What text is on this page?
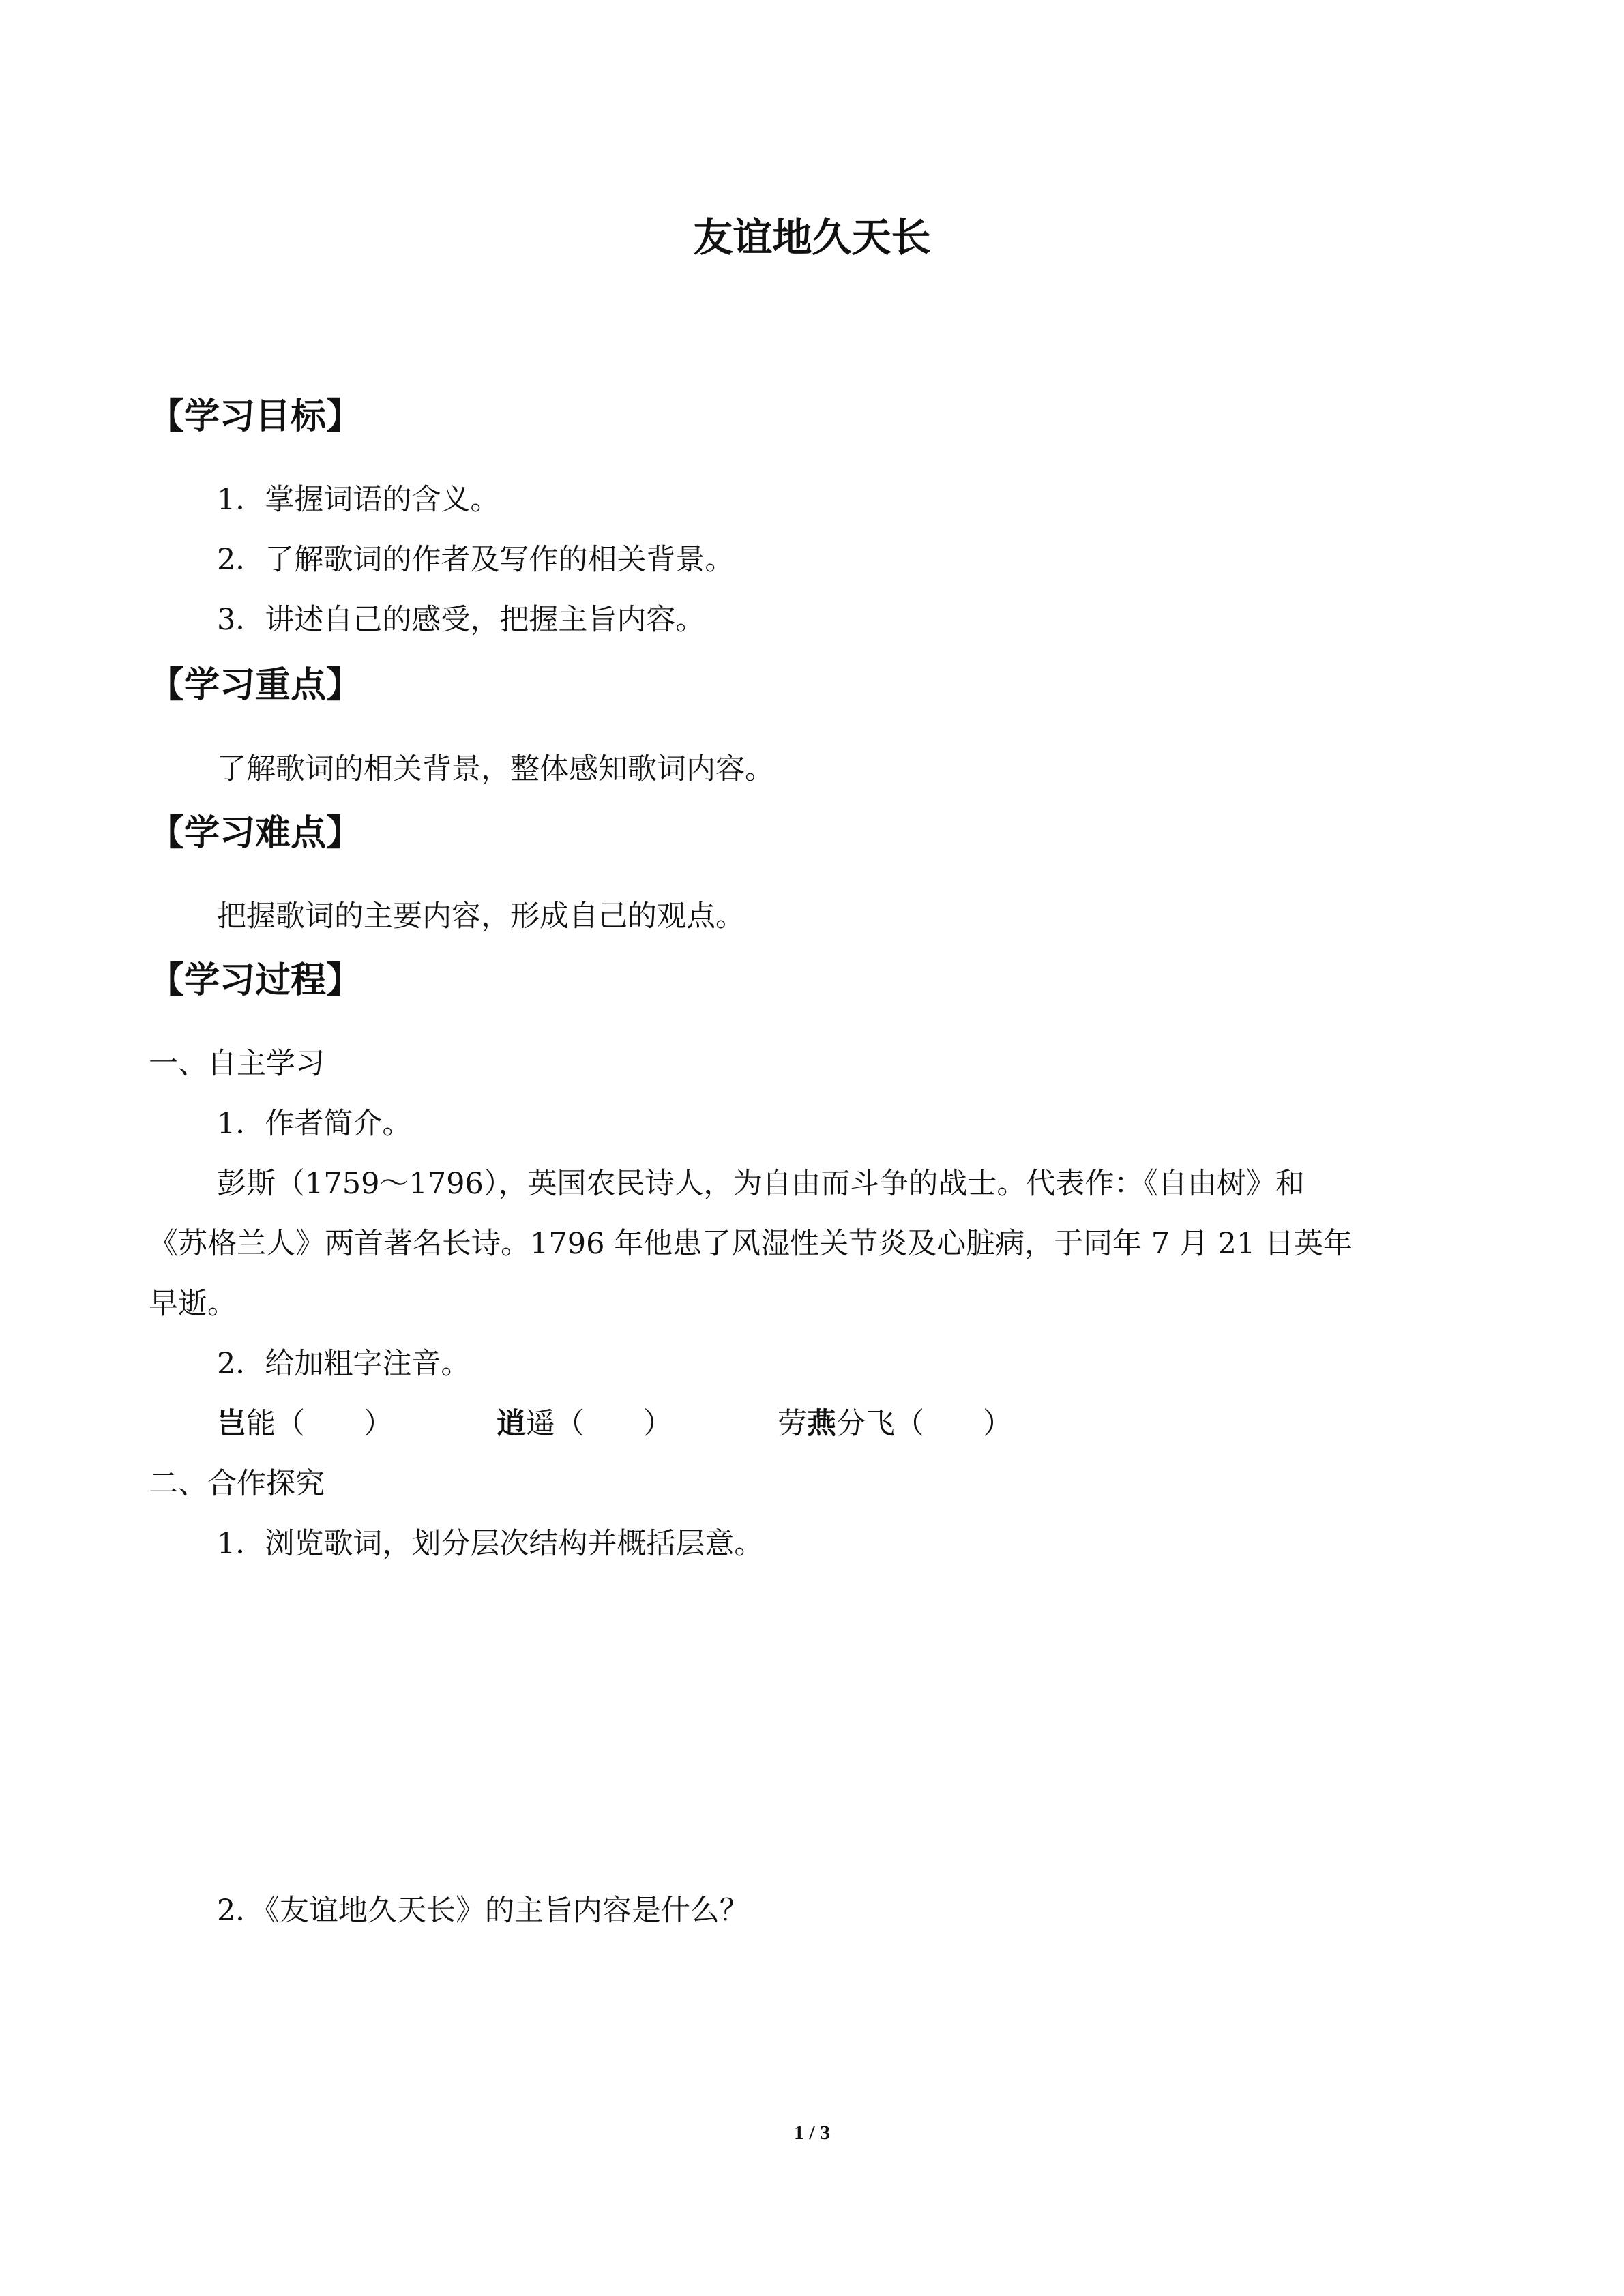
友谊地久天长
【学习目标】
1．掌握词语的含义。
2．了解歌词的作者及写作的相关背景。
3．讲述自己的感受，把握主旨内容。
【学习重点】
了解歌词的相关背景，整体感知歌词内容。
【学习难点】
把握歌词的主要内容，形成自己的观点。
【学习过程】
一、自主学习
1．作者简介。
彭斯（1759～1796），英国农民诗人，为自由而斗争的战士。代表作：《自由树》和
《苏格兰人》两首著名长诗。1796 年他患了风湿性关节炎及心脏病，于同年 7 月 21 日英年
早逝。
2．给加粗字注音。
岂能（　　）	逍遥（　　）	劳燕分飞（　　）
二、合作探究
1．浏览歌词，划分层次结构并概括层意。
2．《友谊地久天长》的主旨内容是什么？
1 / 3
